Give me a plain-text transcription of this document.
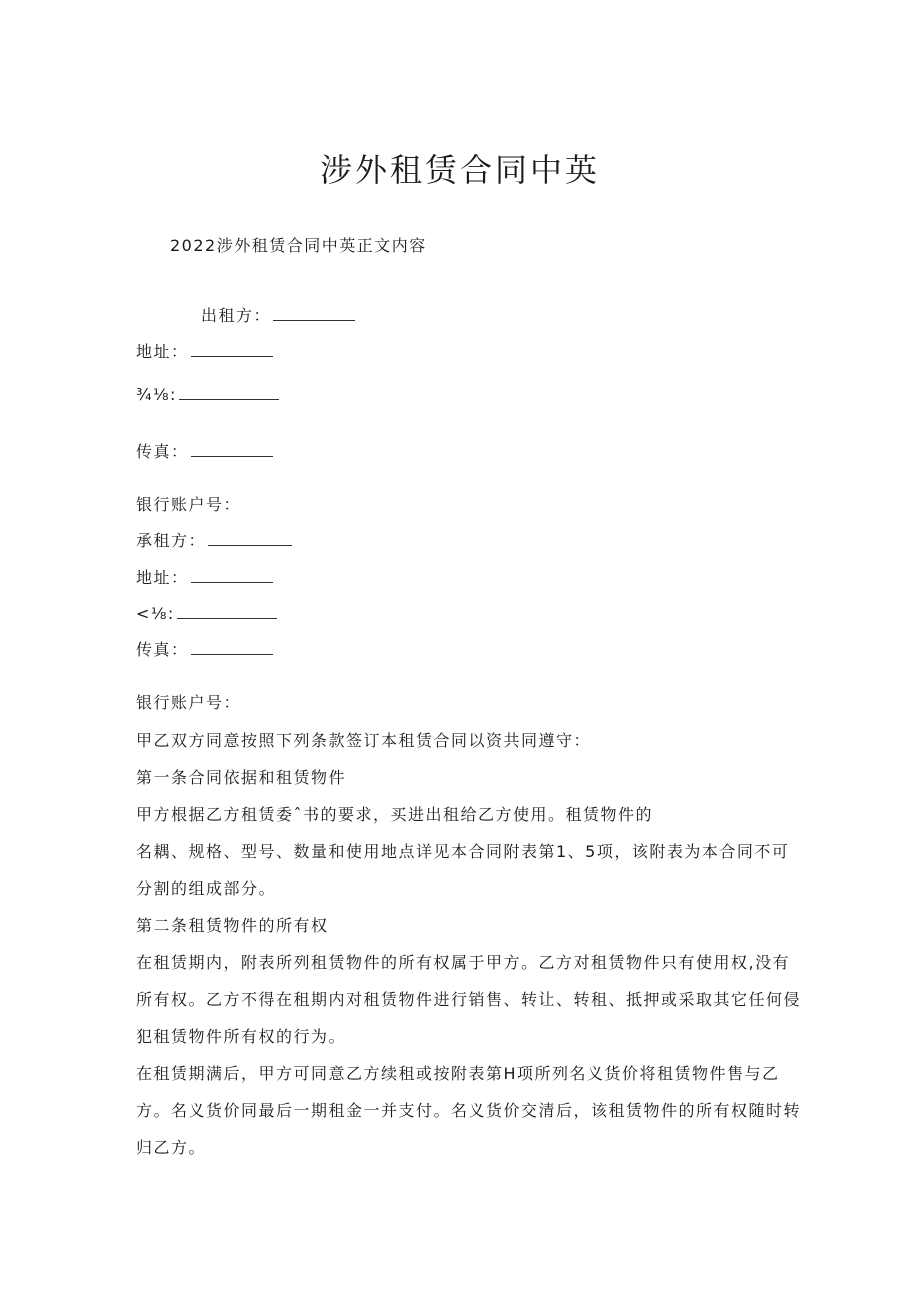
涉外租赁合同中英
2022涉外租赁合同中英正文内容
出租方：
地址：
¾⅛:
传真：
银行账户号：
承租方：
地址：
<⅛:
传真：
银行账户号：
甲乙双方同意按照下列条款签订本租赁合同以资共同遵守：
第一条合同依据和租赁物件
甲方根据乙方租赁委ˆ书的要求，买进出租给乙方使用。租赁物件的
名耦、规格、型号、数量和使用地点详见本合同附表第1、5项，该附表为本合同不可
分割的组成部分。
第二条租赁物件的所有权
在租赁期内，附表所列租赁物件的所有权属于甲方。乙方对租赁物件只有使用权,没有
所有权。乙方不得在租期内对租赁物件进行销售、转让、转租、抵押或采取其它任何侵
犯租赁物件所有权的行为。
在租赁期满后，甲方可同意乙方续租或按附表第H项所列名义货价将租赁物件售与乙
方。名义货价同最后一期租金一并支付。名义货价交清后，该租赁物件的所有权随时转
归乙方。
